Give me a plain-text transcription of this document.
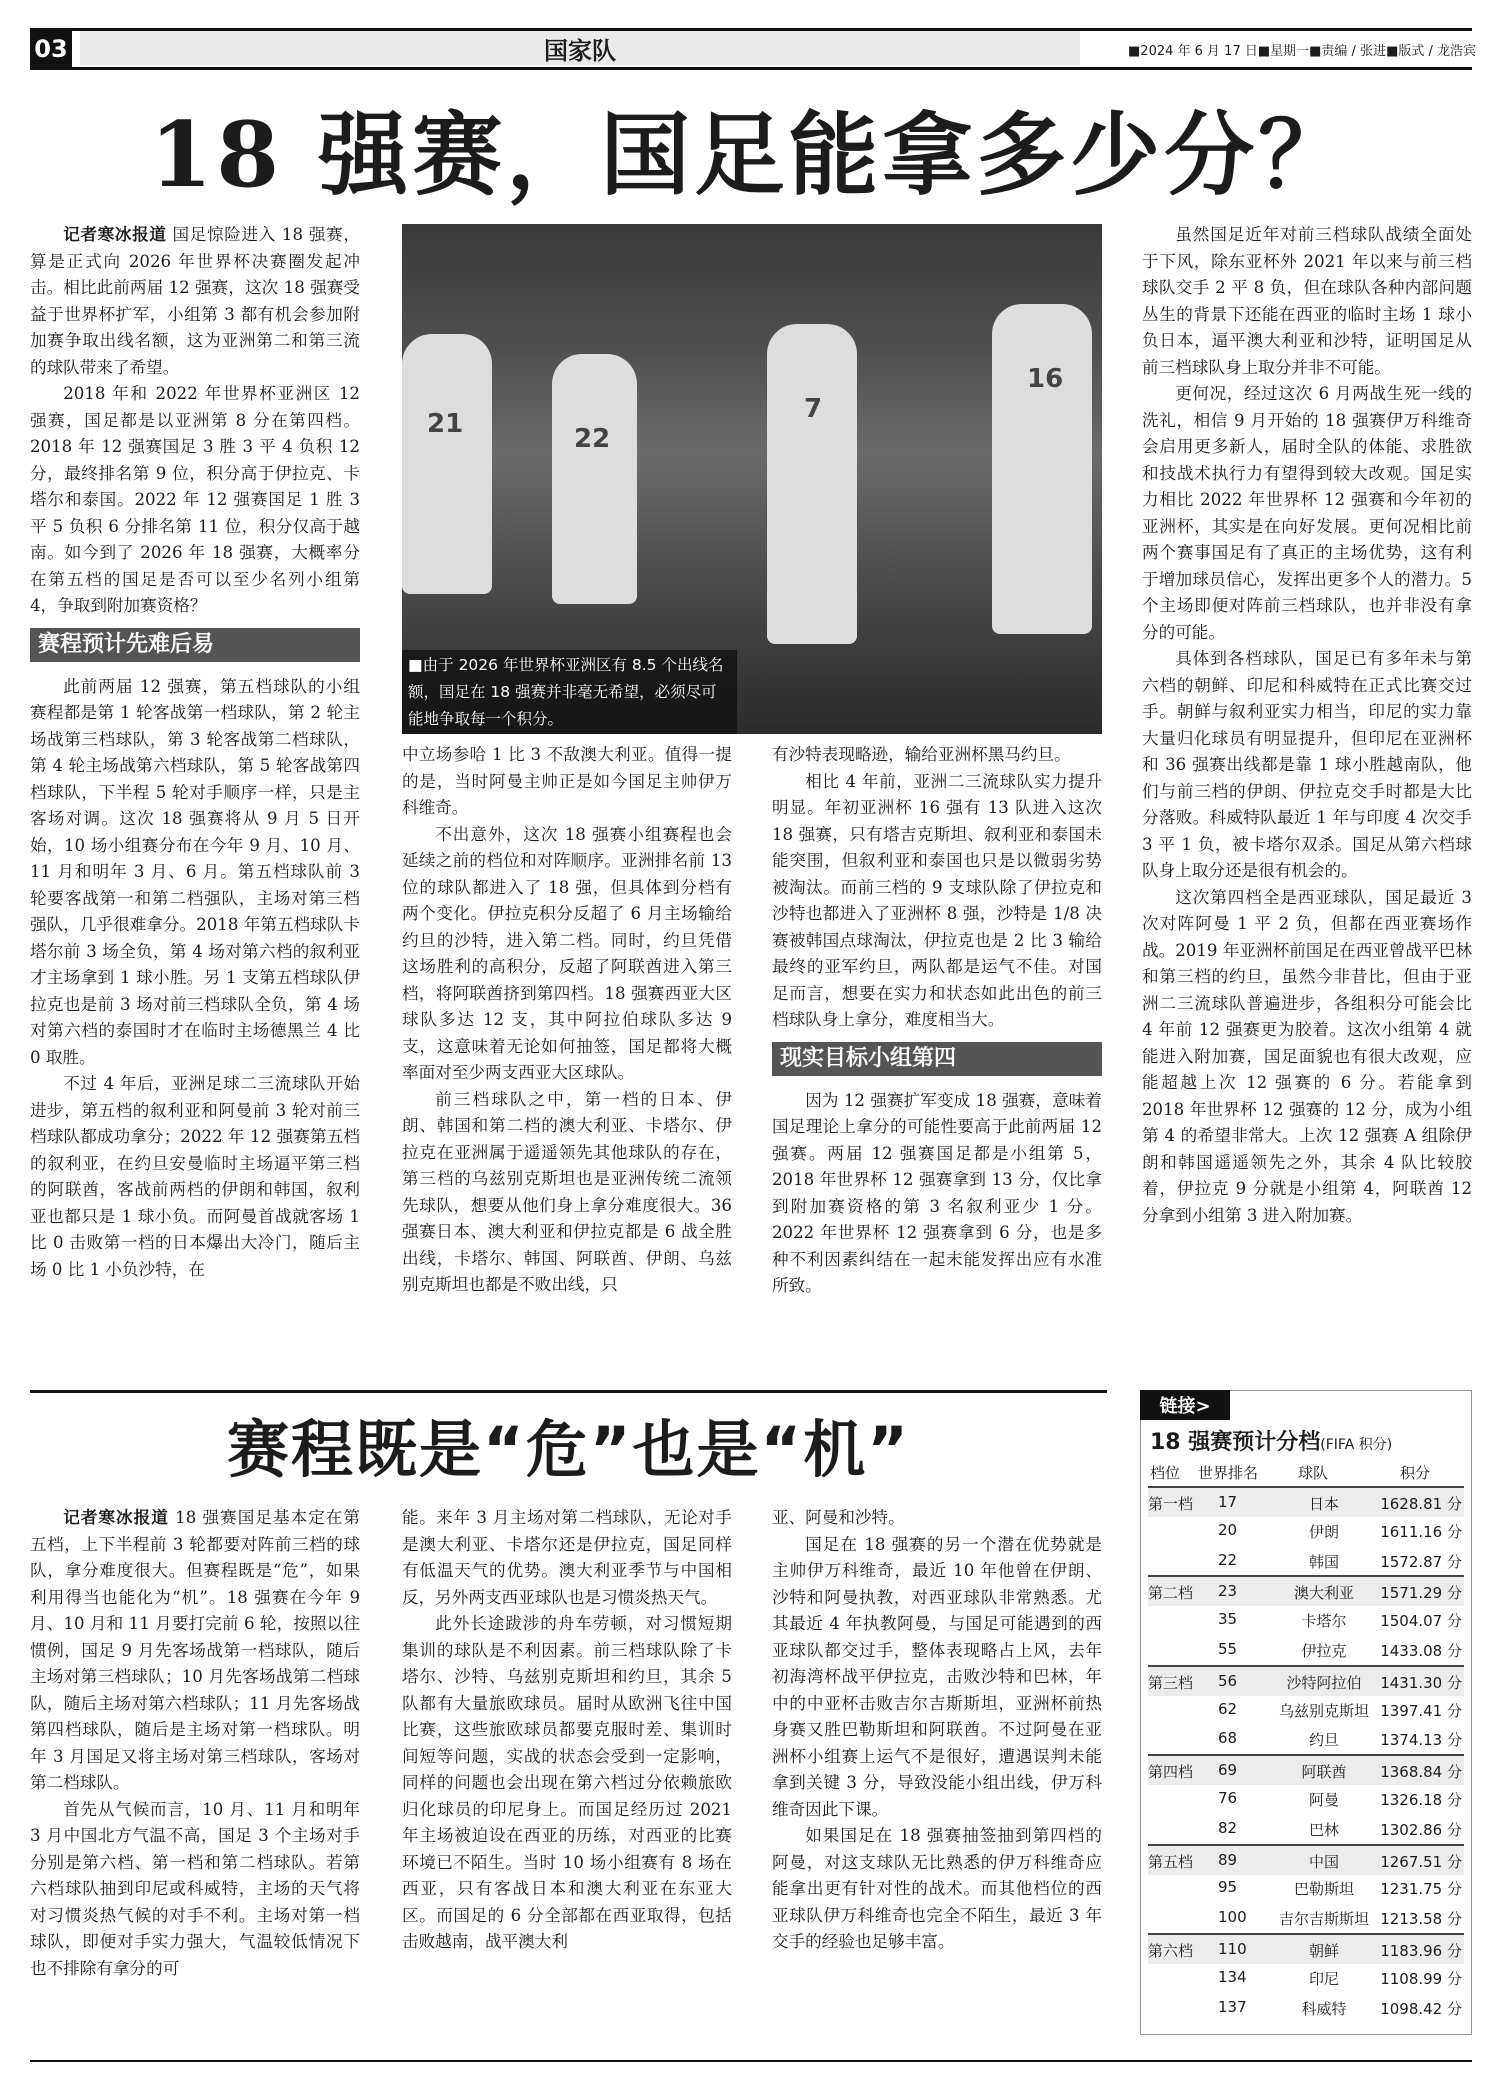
03	国家队	■2024 年 6 月 17 日■星期一■责编 / 张进■版式 / 龙浩宾
18 强赛，国足能拿多少分？

记者寒冰报道 国足惊险进入 18 强赛，算是正式向 2026 年世界杯决赛圈发起冲击。相比此前两届 12 强赛，这次 18 强赛受益于世界杯扩军，小组第 3 都有机会参加附加赛争取出线名额，这为亚洲第二和第三流的球队带来了希望。

2018 年和 2022 年世界杯亚洲区 12 强赛，国足都是以亚洲第 8 分在第四档。2018 年 12 强赛国足 3 胜 3 平 4 负积 12 分，最终排名第 9 位，积分高于伊拉克、卡塔尔和泰国。2022 年 12 强赛国足 1 胜 3 平 5 负积 6 分排名第 11 位，积分仅高于越南。如今到了 2026 年 18 强赛，大概率分在第五档的国足是否可以至少名列小组第 4，争取到附加赛资格？

赛程预计先难后易

此前两届 12 强赛，第五档球队的小组赛程都是第 1 轮客战第一档球队，第 2 轮主场战第三档球队，第 3 轮客战第二档球队，第 4 轮主场战第六档球队，第 5 轮客战第四档球队，下半程 5 轮对手顺序一样，只是主客场对调。这次 18 强赛将从 9 月 5 日开始，10 场小组赛分布在今年 9 月、10 月、11 月和明年 3 月、6 月。第五档球队前 3 轮要客战第一和第二档强队，主场对第三档强队，几乎很难拿分。2018 年第五档球队卡塔尔前 3 场全负，第 4 场对第六档的叙利亚才主场拿到 1 球小胜。另 1 支第五档球队伊拉克也是前 3 场对前三档球队全负，第 4 场对第六档的泰国时才在临时主场德黑兰 4 比 0 取胜。

不过 4 年后，亚洲足球二三流球队开始进步，第五档的叙利亚和阿曼前 3 轮对前三档球队都成功拿分；2022 年 12 强赛第五档的叙利亚，在约旦安曼临时主场逼平第三档的阿联酋，客战前两档的伊朗和韩国，叙利亚也都只是 1 球小负。而阿曼首战就客场 1 比 0 击败第一档的日本爆出大冷门，随后主场 0 比 1 小负沙特，在

中立场参哈 1 比 3 不敌澳大利亚。值得一提的是，当时阿曼主帅正是如今国足主帅伊万科维奇。

不出意外，这次 18 强赛小组赛程也会延续之前的档位和对阵顺序。亚洲排名前 13 位的球队都进入了 18 强，但具体到分档有两个变化。伊拉克积分反超了 6 月主场输给约旦的沙特，进入第二档。同时，约旦凭借这场胜利的高积分，反超了阿联酋进入第三档，将阿联酋挤到第四档。18 强赛西亚大区球队多达 12 支，其中阿拉伯球队多达 9 支，这意味着无论如何抽签，国足都将大概率面对至少两支西亚大区球队。

前三档球队之中，第一档的日本、伊朗、韩国和第二档的澳大利亚、卡塔尔、伊拉克在亚洲属于遥遥领先其他球队的存在，第三档的乌兹别克斯坦也是亚洲传统二流领先球队，想要从他们身上拿分难度很大。36 强赛日本、澳大利亚和伊拉克都是 6 战全胜出线，卡塔尔、韩国、阿联酋、伊朗、乌兹别克斯坦也都是不败出线，只

有沙特表现略逊，输给亚洲杯黑马约旦。

相比 4 年前，亚洲二三流球队实力提升明显。年初亚洲杯 16 强有 13 队进入这次 18 强赛，只有塔吉克斯坦、叙利亚和泰国未能突围，但叙利亚和泰国也只是以微弱劣势被淘汰。而前三档的 9 支球队除了伊拉克和沙特也都进入了亚洲杯 8 强，沙特是 1/8 决赛被韩国点球淘汰，伊拉克也是 2 比 3 输给最终的亚军约旦，两队都是运气不佳。对国足而言，想要在实力和状态如此出色的前三档球队身上拿分，难度相当大。

现实目标小组第四

因为 12 强赛扩军变成 18 强赛，意味着国足理论上拿分的可能性要高于此前两届 12 强赛。两届 12 强赛国足都是小组第 5，2018 年世界杯 12 强赛拿到 13 分，仅比拿到附加赛资格的第 3 名叙利亚少 1 分。2022 年世界杯 12 强赛拿到 6 分，也是多种不利因素纠结在一起未能发挥出应有水准所致。

虽然国足近年对前三档球队战绩全面处于下风，除东亚杯外 2021 年以来与前三档球队交手 2 平 8 负，但在球队各种内部问题丛生的背景下还能在西亚的临时主场 1 球小负日本，逼平澳大利亚和沙特，证明国足从前三档球队身上取分并非不可能。

更何况，经过这次 6 月两战生死一线的洗礼，相信 9 月开始的 18 强赛伊万科维奇会启用更多新人，届时全队的体能、求胜欲和技战术执行力有望得到较大改观。国足实力相比 2022 年世界杯 12 强赛和今年初的亚洲杯，其实是在向好发展。更何况相比前两个赛事国足有了真正的主场优势，这有利于增加球员信心，发挥出更多个人的潜力。5 个主场即便对阵前三档球队，也并非没有拿分的可能。

具体到各档球队，国足已有多年未与第六档的朝鲜、印尼和科威特在正式比赛交过手。朝鲜与叙利亚实力相当，印尼的实力靠大量归化球员有明显提升，但印尼在亚洲杯和 36 强赛出线都是靠 1 球小胜越南队，他们与前三档的伊朗、伊拉克交手时都是大比分落败。科威特队最近 1 年与印度 4 次交手 3 平 1 负，被卡塔尔双杀。国足从第六档球队身上取分还是很有机会的。

这次第四档全是西亚球队，国足最近 3 次对阵阿曼 1 平 2 负，但都在西亚赛场作战。2019 年亚洲杯前国足在西亚曾战平巴林和第三档的约旦，虽然今非昔比，但由于亚洲二三流球队普遍进步，各组积分可能会比 4 年前 12 强赛更为胶着。这次小组第 4 就能进入附加赛，国足面貌也有很大改观，应能超越上次 12 强赛的 6 分。若能拿到 2018 年世界杯 12 强赛的 12 分，成为小组第 4 的希望非常大。上次 12 强赛 A 组除伊朗和韩国遥遥领先之外，其余 4 队比较胶着，伊拉克 9 分就是小组第 4，阿联酋 12 分拿到小组第 3 进入附加赛。

21	22
7
16
■由于 2026 年世界杯亚洲区有 8.5 个出线名额，国足在 18 强赛并非毫无希望，必须尽可能地争取每一个积分。
赛程既是“危”也是“机”

记者寒冰报道 18 强赛国足基本定在第五档，上下半程前 3 轮都要对阵前三档的球队，拿分难度很大。但赛程既是“危”，如果利用得当也能化为“机”。18 强赛在今年 9 月、10 月和 11 月要打完前 6 轮，按照以往惯例，国足 9 月先客场战第一档球队，随后主场对第三档球队；10 月先客场战第二档球队，随后主场对第六档球队；11 月先客场战第四档球队，随后是主场对第一档球队。明年 3 月国足又将主场对第三档球队，客场对第二档球队。

首先从气候而言，10 月、11 月和明年 3 月中国北方气温不高，国足 3 个主场对手分别是第六档、第一档和第二档球队。若第六档球队抽到印尼或科威特，主场的天气将对习惯炎热气候的对手不利。主场对第一档球队，即便对手实力强大，气温较低情况下也不排除有拿分的可

能。来年 3 月主场对第二档球队，无论对手是澳大利亚、卡塔尔还是伊拉克，国足同样有低温天气的优势。澳大利亚季节与中国相反，另外两支西亚球队也是习惯炎热天气。

此外长途跋涉的舟车劳顿，对习惯短期集训的球队是不利因素。前三档球队除了卡塔尔、沙特、乌兹别克斯坦和约旦，其余 5 队都有大量旅欧球员。届时从欧洲飞往中国比赛，这些旅欧球员都要克服时差、集训时间短等问题，实战的状态会受到一定影响，同样的问题也会出现在第六档过分依赖旅欧归化球员的印尼身上。而国足经历过 2021 年主场被迫设在西亚的历练，对西亚的比赛环境已不陌生。当时 10 场小组赛有 8 场在西亚，只有客战日本和澳大利亚在东亚大区。而国足的 6 分全部都在西亚取得，包括击败越南，战平澳大利

亚、阿曼和沙特。

国足在 18 强赛的另一个潜在优势就是主帅伊万科维奇，最近 10 年他曾在伊朗、沙特和阿曼执教，对西亚球队非常熟悉。尤其最近 4 年执教阿曼，与国足可能遇到的西亚球队都交过手，整体表现略占上风，去年初海湾杯战平伊拉克，击败沙特和巴林，年中的中亚杯击败吉尔吉斯斯坦，亚洲杯前热身赛又胜巴勒斯坦和阿联酋。不过阿曼在亚洲杯小组赛上运气不是很好，遭遇误判未能拿到关键 3 分，导致没能小组出线，伊万科维奇因此下课。

如果国足在 18 强赛抽签抽到第四档的阿曼，对这支球队无比熟悉的伊万科维奇应能拿出更有针对性的战术。而其他档位的西亚球队伊万科维奇也完全不陌生，最近 3 年交手的经验也足够丰富。

链接>
18 强赛预计分档(FIFA 积分)
档位 世界排名	球队	积分
第一档 17	日本	1628.81 分
20	伊朗	1611.16 分
22	韩国	1572.87 分
第二档 23	澳大利亚	1571.29 分
35	卡塔尔	1504.07 分
55	伊拉克	1433.08 分
第三档 56	沙特阿拉伯	1431.30 分
62	乌兹别克斯坦 1397.41 分
68	约旦	1374.13 分
第四档 69	阿联酋	1368.84 分
76	阿曼	1326.18 分
82	巴林	1302.86 分
第五档 89	中国	1267.51 分
95	巴勒斯坦	1231.75 分
100	吉尔吉斯斯坦 1213.58 分
第六档 110	朝鲜	1183.96 分
134	印尼	1108.99 分
137	科威特	1098.42 分
